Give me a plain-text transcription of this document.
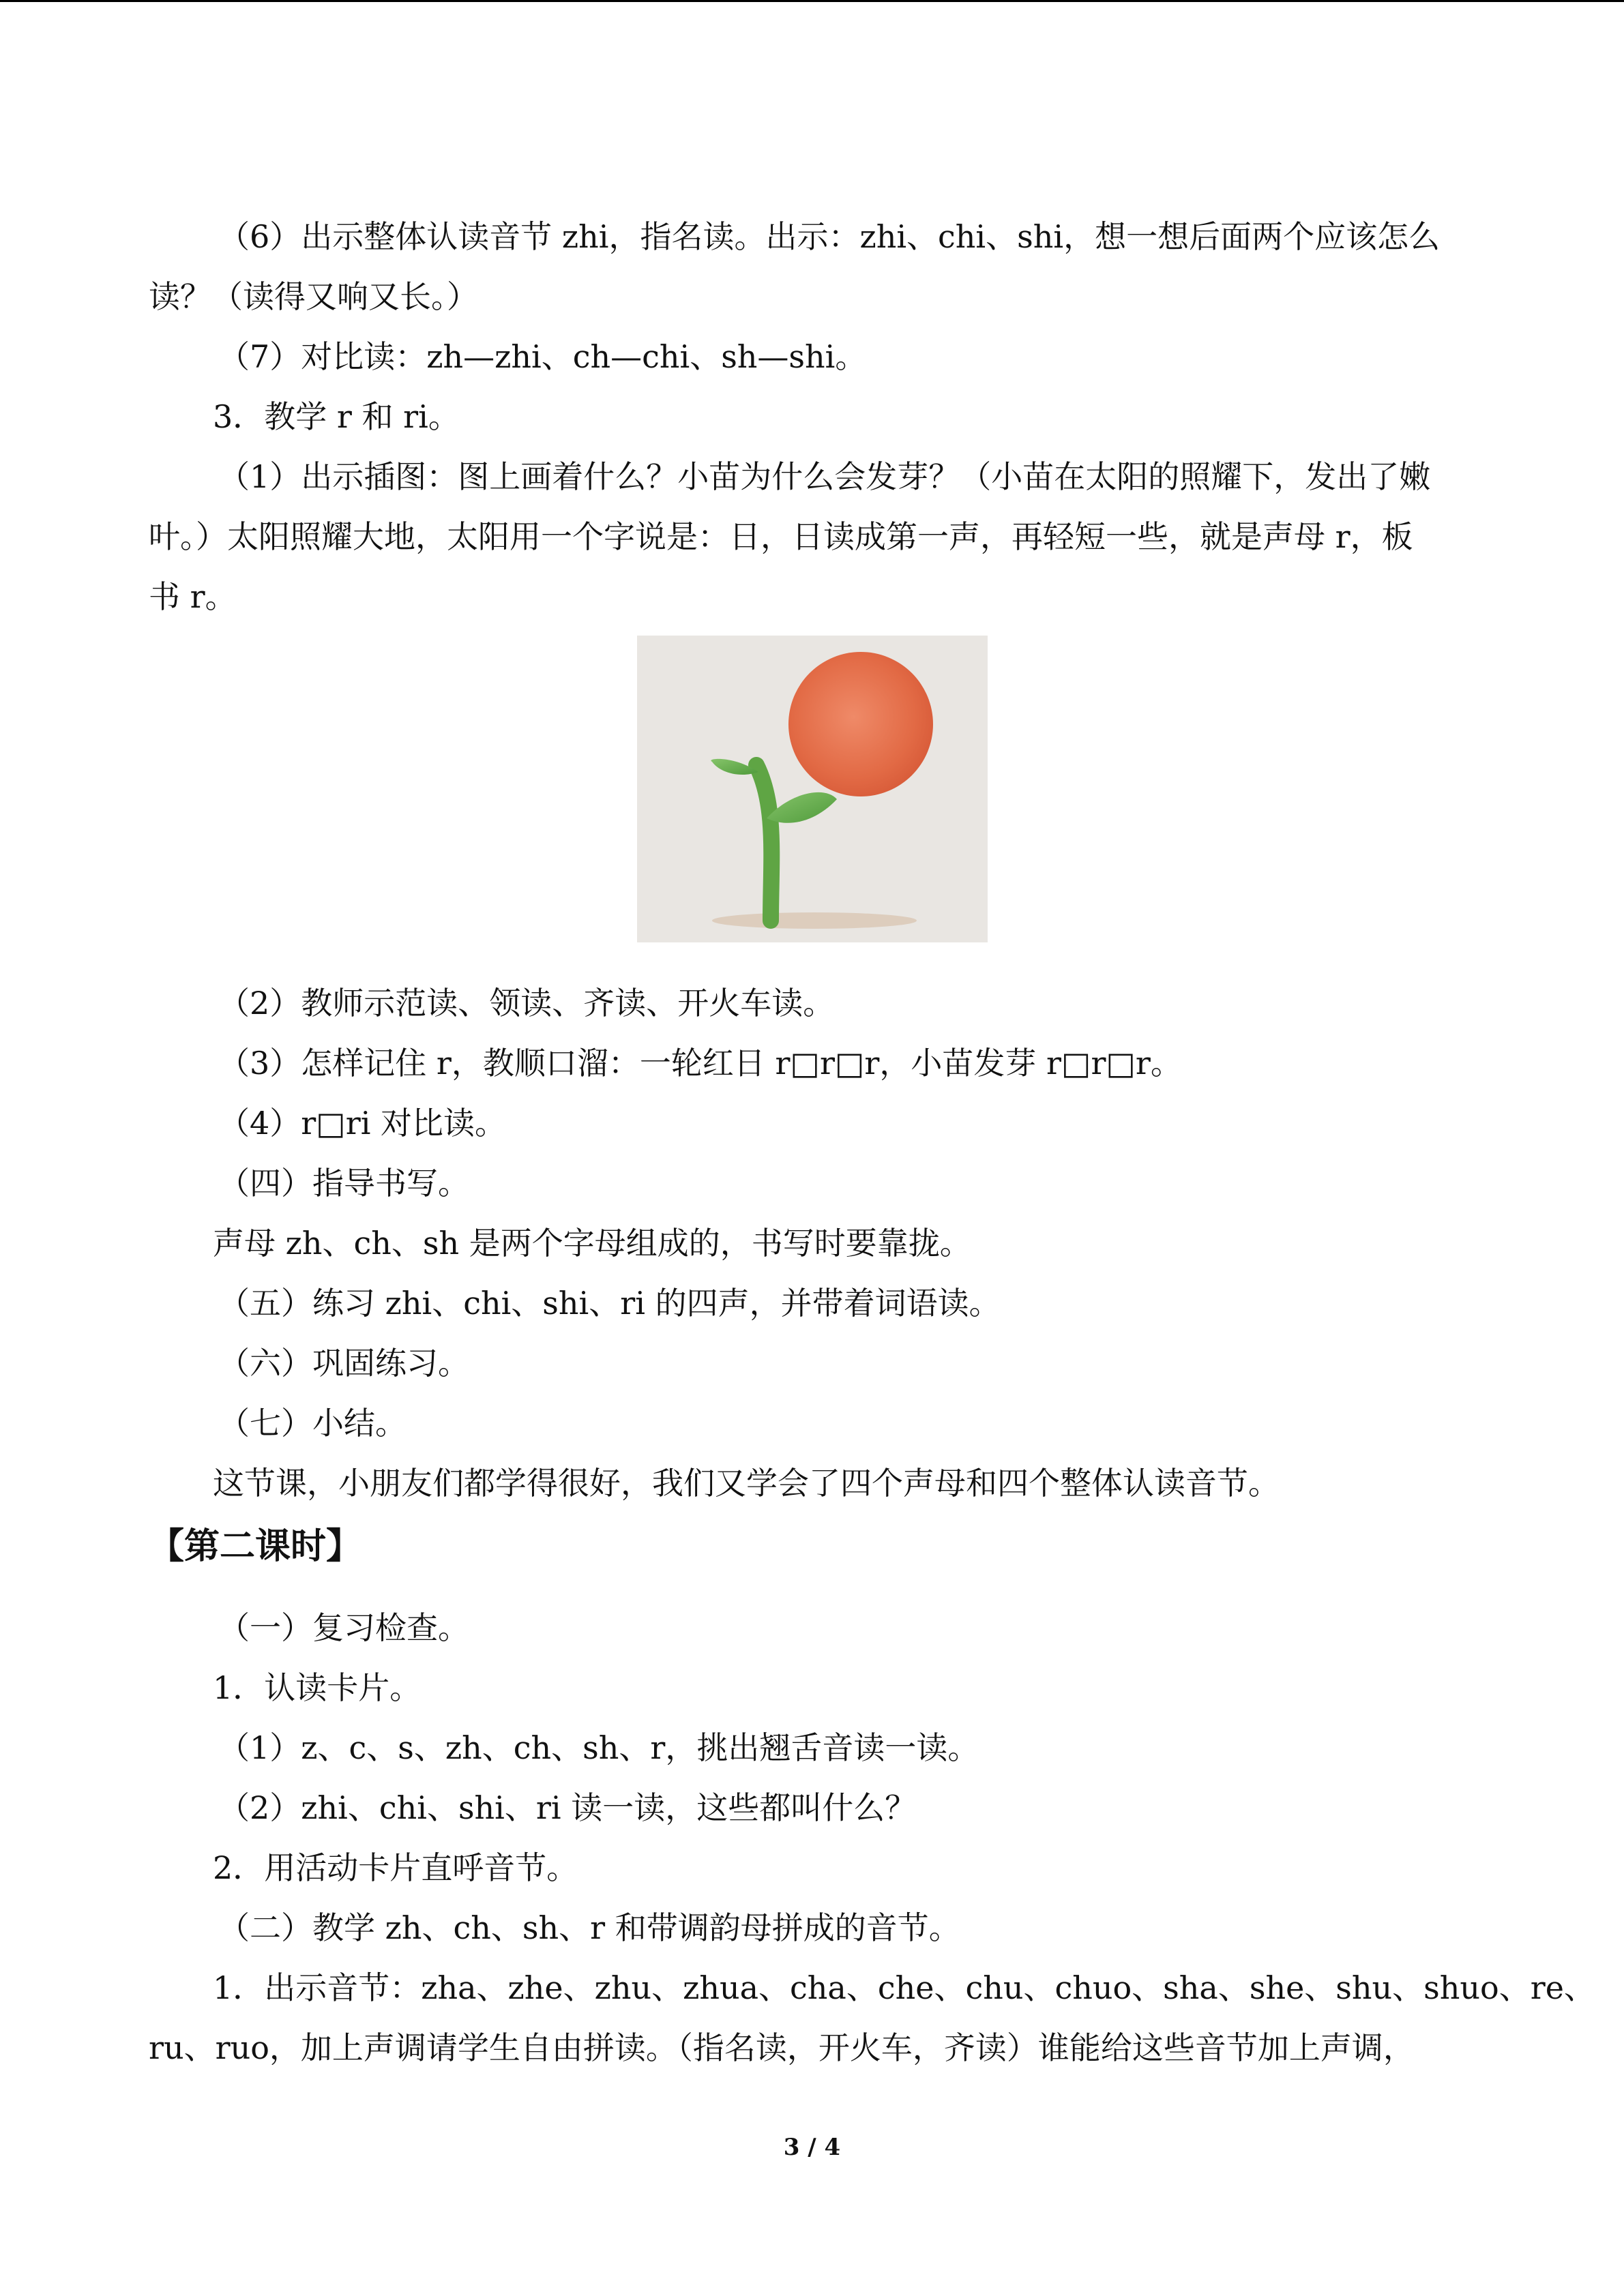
（6）出示整体认读音节 zhi，指名读。出示：zhi、chi、shi，想一想后面两个应该怎么

读？（读得又响又长。）

（7）对比读：zh—zhi、ch—chi、sh—shi。

3．教学 r 和 ri。

（1）出示插图：图上画着什么？小苗为什么会发芽？（小苗在太阳的照耀下，发出了嫩

叶。）太阳照耀大地，太阳用一个字说是：日，日读成第一声，再轻短一些，就是声母 r，板

书 r。

（2）教师示范读、领读、齐读、开火车读。

（3）怎样记住 r，教顺口溜：一轮红日 r□r□r，小苗发芽 r□r□r。

（4）r□ri 对比读。

（四）指导书写。

声母 zh、ch、sh 是两个字母组成的，书写时要靠拢。

（五）练习 zhi、chi、shi、ri 的四声，并带着词语读。

（六）巩固练习。

（七）小结。

这节课，小朋友们都学得很好，我们又学会了四个声母和四个整体认读音节。

【第二课时】

（一）复习检查。

1．认读卡片。

（1）z、c、s、zh、ch、sh、r，挑出翘舌音读一读。

（2）zhi、chi、shi、ri 读一读，这些都叫什么？

2．用活动卡片直呼音节。

（二）教学 zh、ch、sh、r 和带调韵母拼成的音节。

1．出示音节：zha、zhe、zhu、zhua、cha、che、chu、chuo、sha、she、shu、shuo、re、

ru、ruo，加上声调请学生自由拼读。（指名读，开火车，齐读）谁能给这些音节加上声调，

3 / 4
